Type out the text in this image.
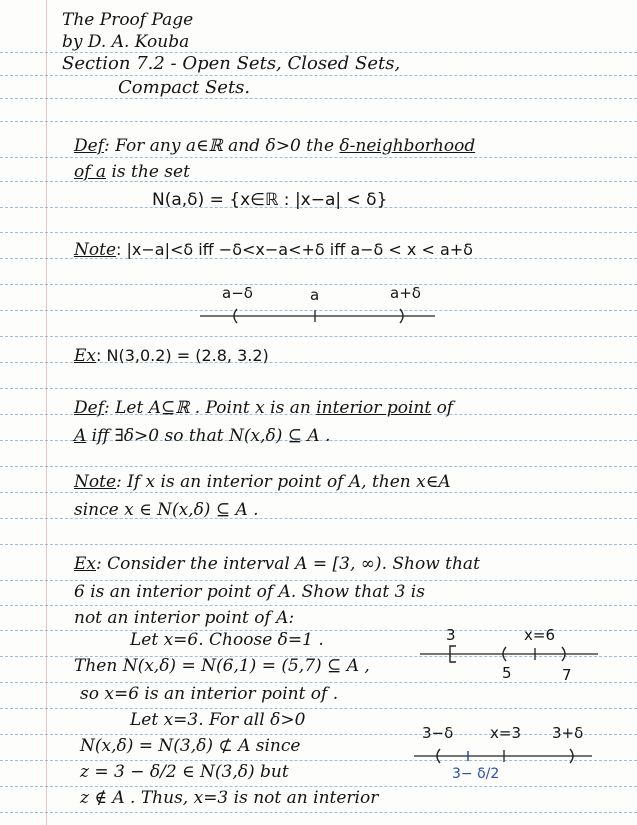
The Proof Page
by D. A. Kouba
Section 7.2 - Open Sets, Closed Sets,
Compact Sets.
Def: For any a∈ℝ and δ>0 the δ-neighborhood
of a is the set
N(a,δ) = {x∈ℝ : |x−a| < δ}
Note: |x−a|<δ iff −δ<x−a<+δ iff a−δ < x < a+δ
a−δ	a	a+δ
Ex: N(3,0.2) = (2.8, 3.2)
Def: Let A⊆ℝ . Point x is an interior point of
A iff ∃δ>0 so that N(x,δ) ⊆ A .
Note: If x is an interior point of A, then x∈A
since x ∈ N(x,δ) ⊆ A .
Ex: Consider the interval A = [3, ∞). Show that
6 is an interior point of A. Show that 3 is
not an interior point of A:
Let x=6. Choose δ=1 .
Then N(x,δ) = N(6,1) = (5,7) ⊆ A ,
so x=6 is an interior point of .
Let x=3. For all δ>0
N(x,δ) = N(3,δ) ⊄ A since
z = 3 − δ/2 ∈ N(3,δ) but
z ∉ A . Thus, x=3 is not an interior
3	x=6
5	7
3−δ x=3 3+δ
3− δ/2
